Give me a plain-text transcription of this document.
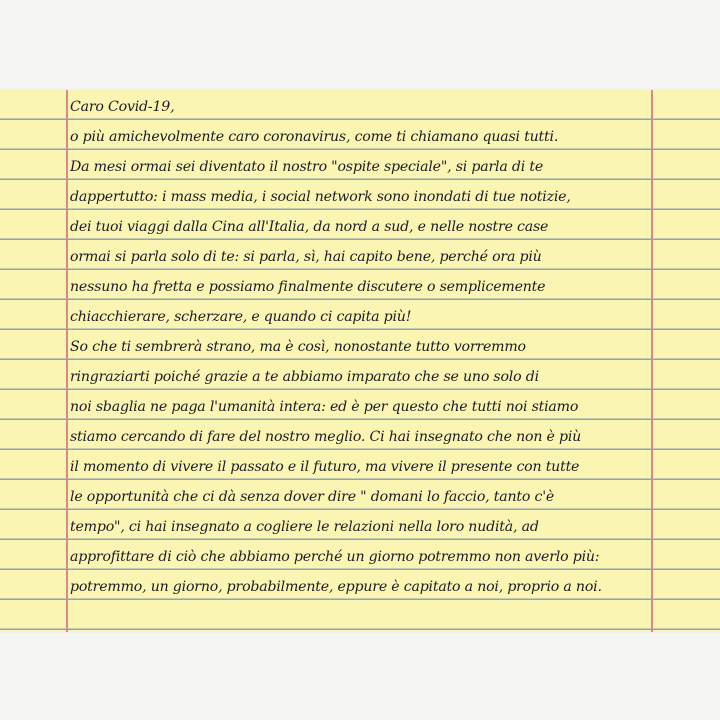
Caro Covid-19,
o più amichevolmente caro coronavirus, come ti chiamano quasi tutti.
Da mesi ormai sei diventato il nostro "ospite speciale", si parla di te
dappertutto: i mass media, i social network sono inondati di tue notizie,
dei tuoi viaggi dalla Cina all'Italia, da nord a sud, e nelle nostre case
ormai si parla solo di te: si parla, sì, hai capito bene, perché ora più
nessuno ha fretta e possiamo finalmente discutere o semplicemente
chiacchierare, scherzare, e quando ci capita più!
So che ti sembrerà strano, ma è così, nonostante tutto vorremmo
ringraziarti poiché grazie a te abbiamo imparato che se uno solo di
noi sbaglia ne paga l'umanità intera: ed è per questo che tutti noi stiamo
stiamo cercando di fare del nostro meglio. Ci hai insegnato che non è più
il momento di vivere il passato e il futuro, ma vivere il presente con tutte
le opportunità che ci dà senza dover dire " domani lo faccio, tanto c'è
tempo", ci hai insegnato a cogliere le relazioni nella loro nudità, ad
approfittare di ciò che abbiamo perché un giorno potremmo non averlo più:
potremmo, un giorno, probabilmente, eppure è capitato a noi, proprio a noi.
